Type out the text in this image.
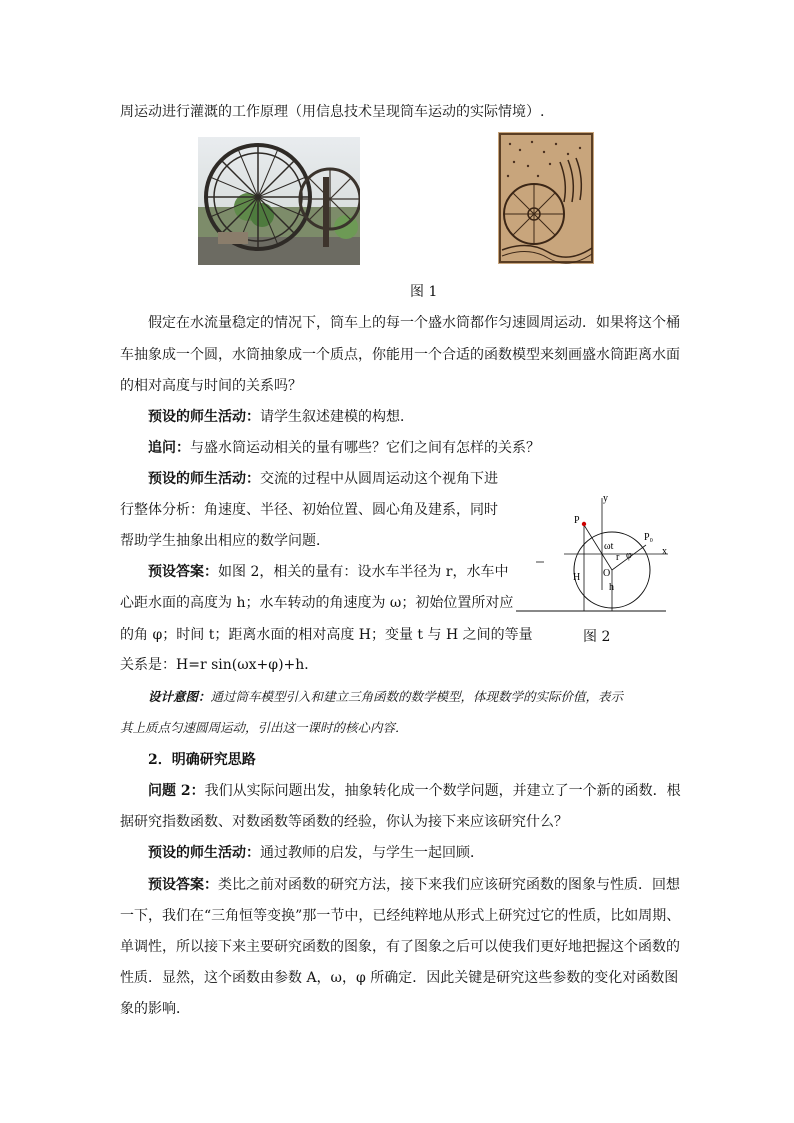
周运动进行灌溉的工作原理（用信息技术呈现筒车运动的实际情境）.
图 1
假定在水流量稳定的情况下，筒车上的每一个盛水筒都作匀速圆周运动．如果将这个桶
车抽象成一个圆，水筒抽象成一个质点，你能用一个合适的函数模型来刻画盛水筒距离水面
的相对高度与时间的关系吗？
预设的师生活动：请学生叙述建模的构想．
追问：与盛水筒运动相关的量有哪些？它们之间有怎样的关系？
预设的师生活动：交流的过程中从圆周运动这个视角下进
行整体分析：角速度、半径、初始位置、圆心角及建系，同时
帮助学生抽象出相应的数学问题．
预设答案：如图 2，相关的量有：设水车半径为 r，水车中
心距水面的高度为 h；水车转动的角速度为 ω；初始位置所对应
的角 φ；时间 t；距离水面的相对高度 H；变量 t 与 H 之间的等量
关系是：H=r sin(ωx+φ)+h．
y
x
P
P₀
O
H
h
ωt
r φ
图 2
设计意图：通过筒车模型引入和建立三角函数的数学模型，体现数学的实际价值，表示
其上质点匀速圆周运动，引出这一课时的核心内容．
2．明确研究思路
问题 2：我们从实际问题出发，抽象转化成一个数学问题，并建立了一个新的函数．根
据研究指数函数、对数函数等函数的经验，你认为接下来应该研究什么？
预设的师生活动：通过教师的启发，与学生一起回顾．
预设答案：类比之前对函数的研究方法，接下来我们应该研究函数的图象与性质．回想
一下，我们在“三角恒等变换”那一节中，已经纯粹地从形式上研究过它的性质，比如周期、
单调性，所以接下来主要研究函数的图象，有了图象之后可以使我们更好地把握这个函数的
性质．显然，这个函数由参数 A，ω，φ 所确定．因此关键是研究这些参数的变化对函数图
象的影响．
